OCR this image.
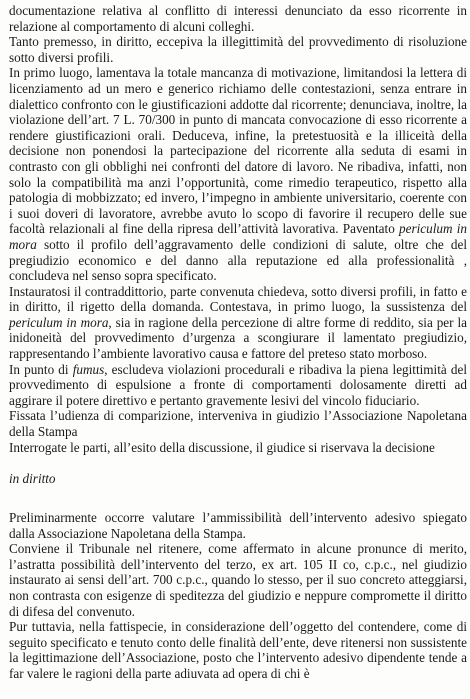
documentazione relativa al conflitto di interessi denunciato da esso ricorrente in relazione al comportamento di alcuni colleghi.

Tanto premesso, in diritto, eccepiva la illegittimità del provvedimento di risoluzione sotto diversi profili.

In primo luogo, lamentava la totale mancanza di motivazione, limitandosi la lettera di licenziamento ad un mero e generico richiamo delle contestazioni, senza entrare in dialettico confronto con le giustificazioni addotte dal ricorrente; denunciava, inoltre, la violazione dell’art. 7 L. 70/300 in punto di mancata convocazione di esso ricorrente a rendere giustificazioni orali. Deduceva, infine, la pretestuosità e la illiceità della decisione non ponendosi la partecipazione del ricorrente alla seduta di esami in contrasto con gli obblighi nei confronti del datore di lavoro. Ne ribadiva, infatti, non solo la compatibilità ma anzi l’opportunità, come rimedio terapeutico, rispetto alla patologia di mobbizzato; ed invero, l’impegno in ambiente universitario, coerente con i suoi doveri di lavoratore, avrebbe avuto lo scopo di favorire il recupero delle sue facoltà relazionali al fine della ripresa dell’attività lavorativa. Paventato periculum in mora sotto il profilo dell’aggravamento delle condizioni di salute, oltre che del pregiudizio economico e del danno alla reputazione ed alla professionalità , concludeva nel senso sopra specificato.

Instauratosi il contraddittorio, parte convenuta chiedeva, sotto diversi profili, in fatto e in diritto, il rigetto della domanda. Contestava, in primo luogo, la sussistenza del periculum in mora, sia in ragione della percezione di altre forme di reddito, sia per la inidoneità del provvedimento d’urgenza a scongiurare il lamentato pregiudizio, rappresentando l’ambiente lavorativo causa e fattore del preteso stato morboso.

In punto di fumus, escludeva violazioni procedurali e ribadiva la piena legittimità del provvedimento di espulsione a fronte di comportamenti dolosamente diretti ad aggirare il potere direttivo e pertanto gravemente lesivi del vincolo fiduciario.

Fissata l’udienza di comparizione, interveniva in giudizio l’Associazione Napoletana della Stampa

Interrogate le parti, all’esito della discussione, il giudice si riservava la decisione

in diritto

Preliminarmente occorre valutare l’ammissibilità dell’intervento adesivo spiegato dalla Associazione Napoletana della Stampa.

Conviene il Tribunale nel ritenere, come affermato in alcune pronunce di merito, l’astratta possibilità dell’intervento del terzo, ex art. 105 II co, c.p.c., nel giudizio instaurato ai sensi dell’art. 700 c.p.c., quando lo stesso, per il suo concreto atteggiarsi, non contrasta con esigenze di speditezza del giudizio e neppure compromette il diritto di difesa del convenuto.

Pur tuttavia, nella fattispecie, in considerazione dell’oggetto del contendere, come di seguito specificato e tenuto conto delle finalità dell’ente, deve ritenersi non sussistente la legittimazione dell’Associazione, posto che l’intervento adesivo dipendente tende a far valere le ragioni della parte adiuvata ad opera di chi è
